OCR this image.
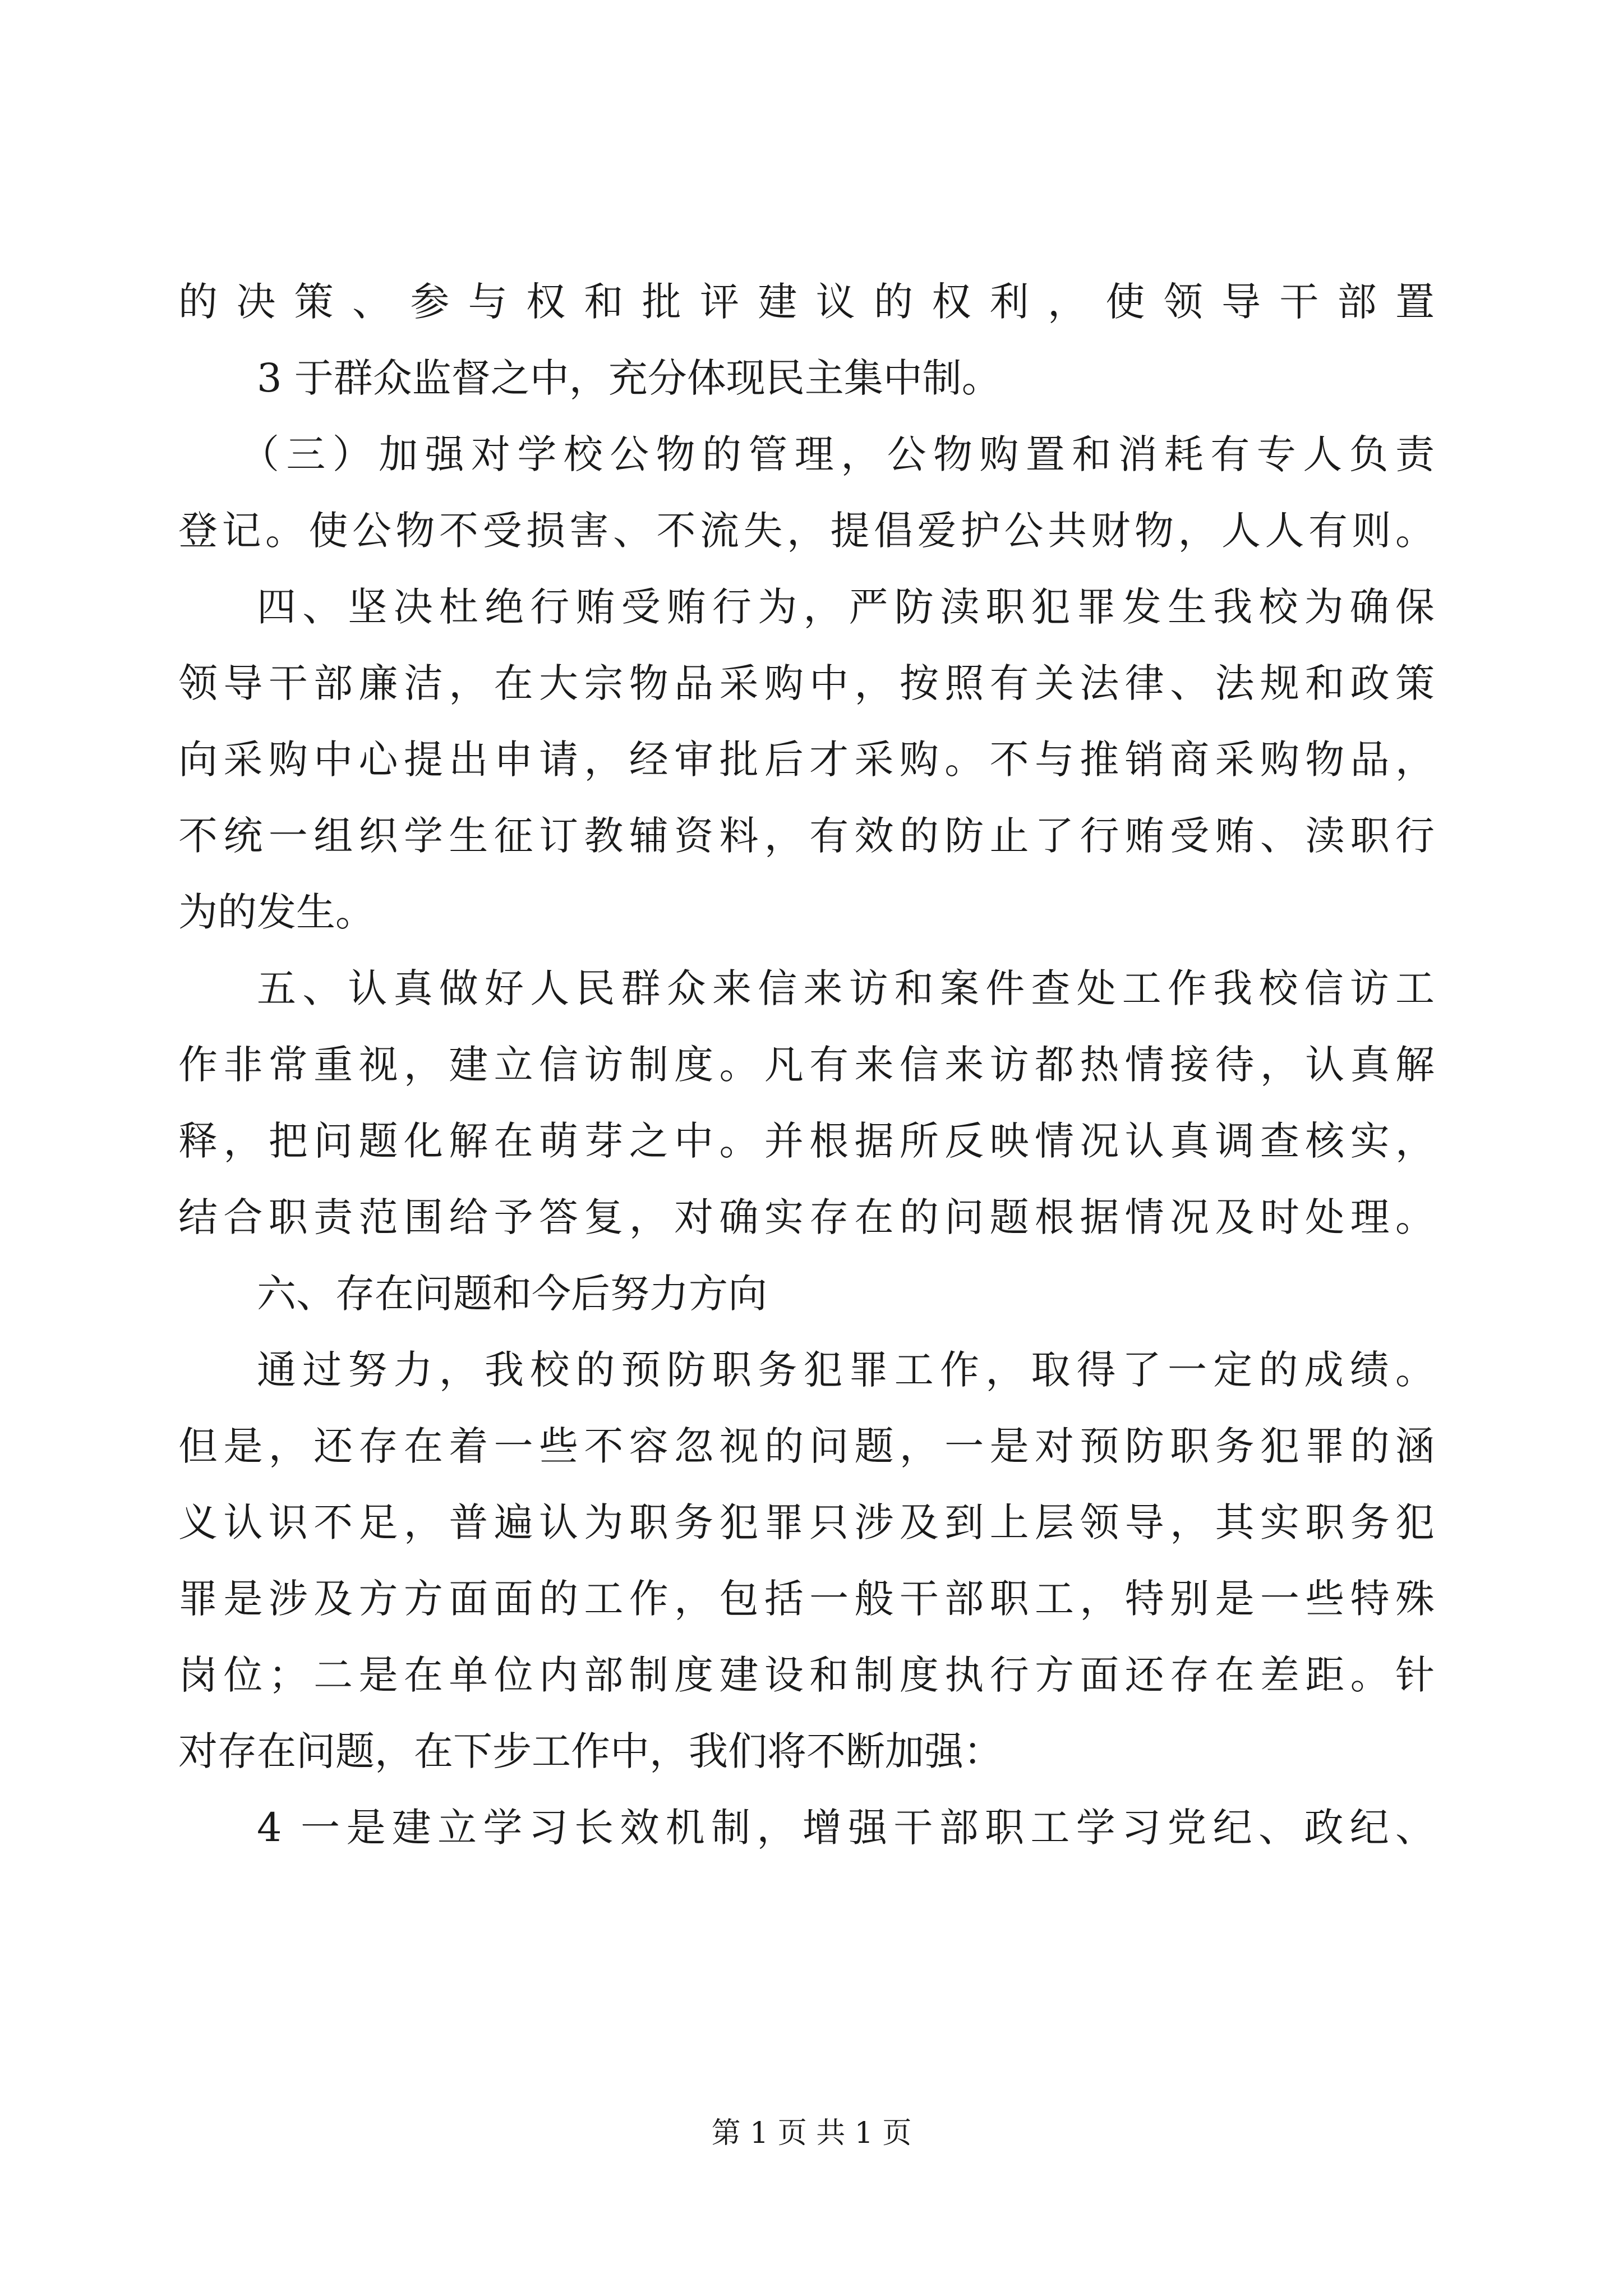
的决策、参与权和批评建议的权利，使领导干部置
3 于群众监督之中，充分体现民主集中制。
（三）加强对学校公物的管理，公物购置和消耗有专人负责
登记。使公物不受损害、不流失，提倡爱护公共财物，人人有则。
四、坚决杜绝行贿受贿行为，严防渎职犯罪发生我校为确保
领导干部廉洁，在大宗物品采购中，按照有关法律、法规和政策
向采购中心提出申请，经审批后才采购。不与推销商采购物品，
不统一组织学生征订教辅资料，有效的防止了行贿受贿、渎职行
为的发生。
五、认真做好人民群众来信来访和案件查处工作我校信访工
作非常重视，建立信访制度。凡有来信来访都热情接待，认真解
释，把问题化解在萌芽之中。并根据所反映情况认真调查核实，
结合职责范围给予答复，对确实存在的问题根据情况及时处理。
六、存在问题和今后努力方向
通过努力，我校的预防职务犯罪工作，取得了一定的成绩。
但是，还存在着一些不容忽视的问题，一是对预防职务犯罪的涵
义认识不足，普遍认为职务犯罪只涉及到上层领导，其实职务犯
罪是涉及方方面面的工作，包括一般干部职工，特别是一些特殊
岗位；二是在单位内部制度建设和制度执行方面还存在差距。针
对存在问题，在下步工作中，我们将不断加强：
4 一是建立学习长效机制，增强干部职工学习党纪、政纪、
第 1 页 共 1 页
